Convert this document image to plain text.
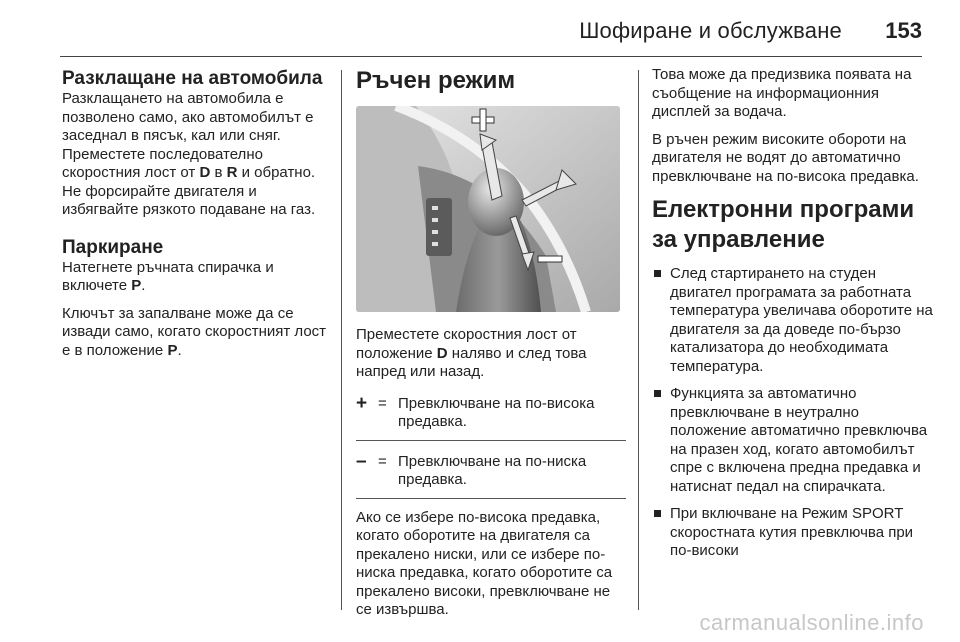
Шофиране и обслужване 153
Разклащане на автомобила

Разклащането на автомобила е позволено само, ако автомобилът е заседнал в пясък, кал или сняг. Преместете последователно скоростния лост от D в R и обратно. Не форсирайте двигателя и избягвайте рязкото подаване на газ.

Паркиране

Натегнете ръчната спирачка и включете P.

Ключът за запалване може да се извади само, когато скоростният лост е в положение P.

Ръчен режим

Преместете скоростния лост от положение D наляво и след това напред или назад.

+ = Превключване на по-висока предавка.
– = Превключване на по-ниска предавка.

Ако се избере по-висока предавка, когато оборотите на двигателя са прекалено ниски, или се избере по-ниска предавка, когато оборотите са прекалено високи, превключване не се извършва.

Това може да предизвика появата на съобщение на информационния дисплей за водача.

В ръчен режим високите обороти на двигателя не водят до автоматично превключване на по-висока предавка.

Електронни програми за управление
След стартирането на студен двигател програмата за работната температура увеличава оборотите на двигателя за да доведе по-бързо катализатора до необходимата температура.
Функцията за автоматично превключване в неутрално положение автоматично превключва на празен ход, когато автомобилът спре с включена предна предавка и натиснат педал на спирачката.
При включване на Режим SPORT скоростната кутия превключва при по-високи
carmanualsonline.info
